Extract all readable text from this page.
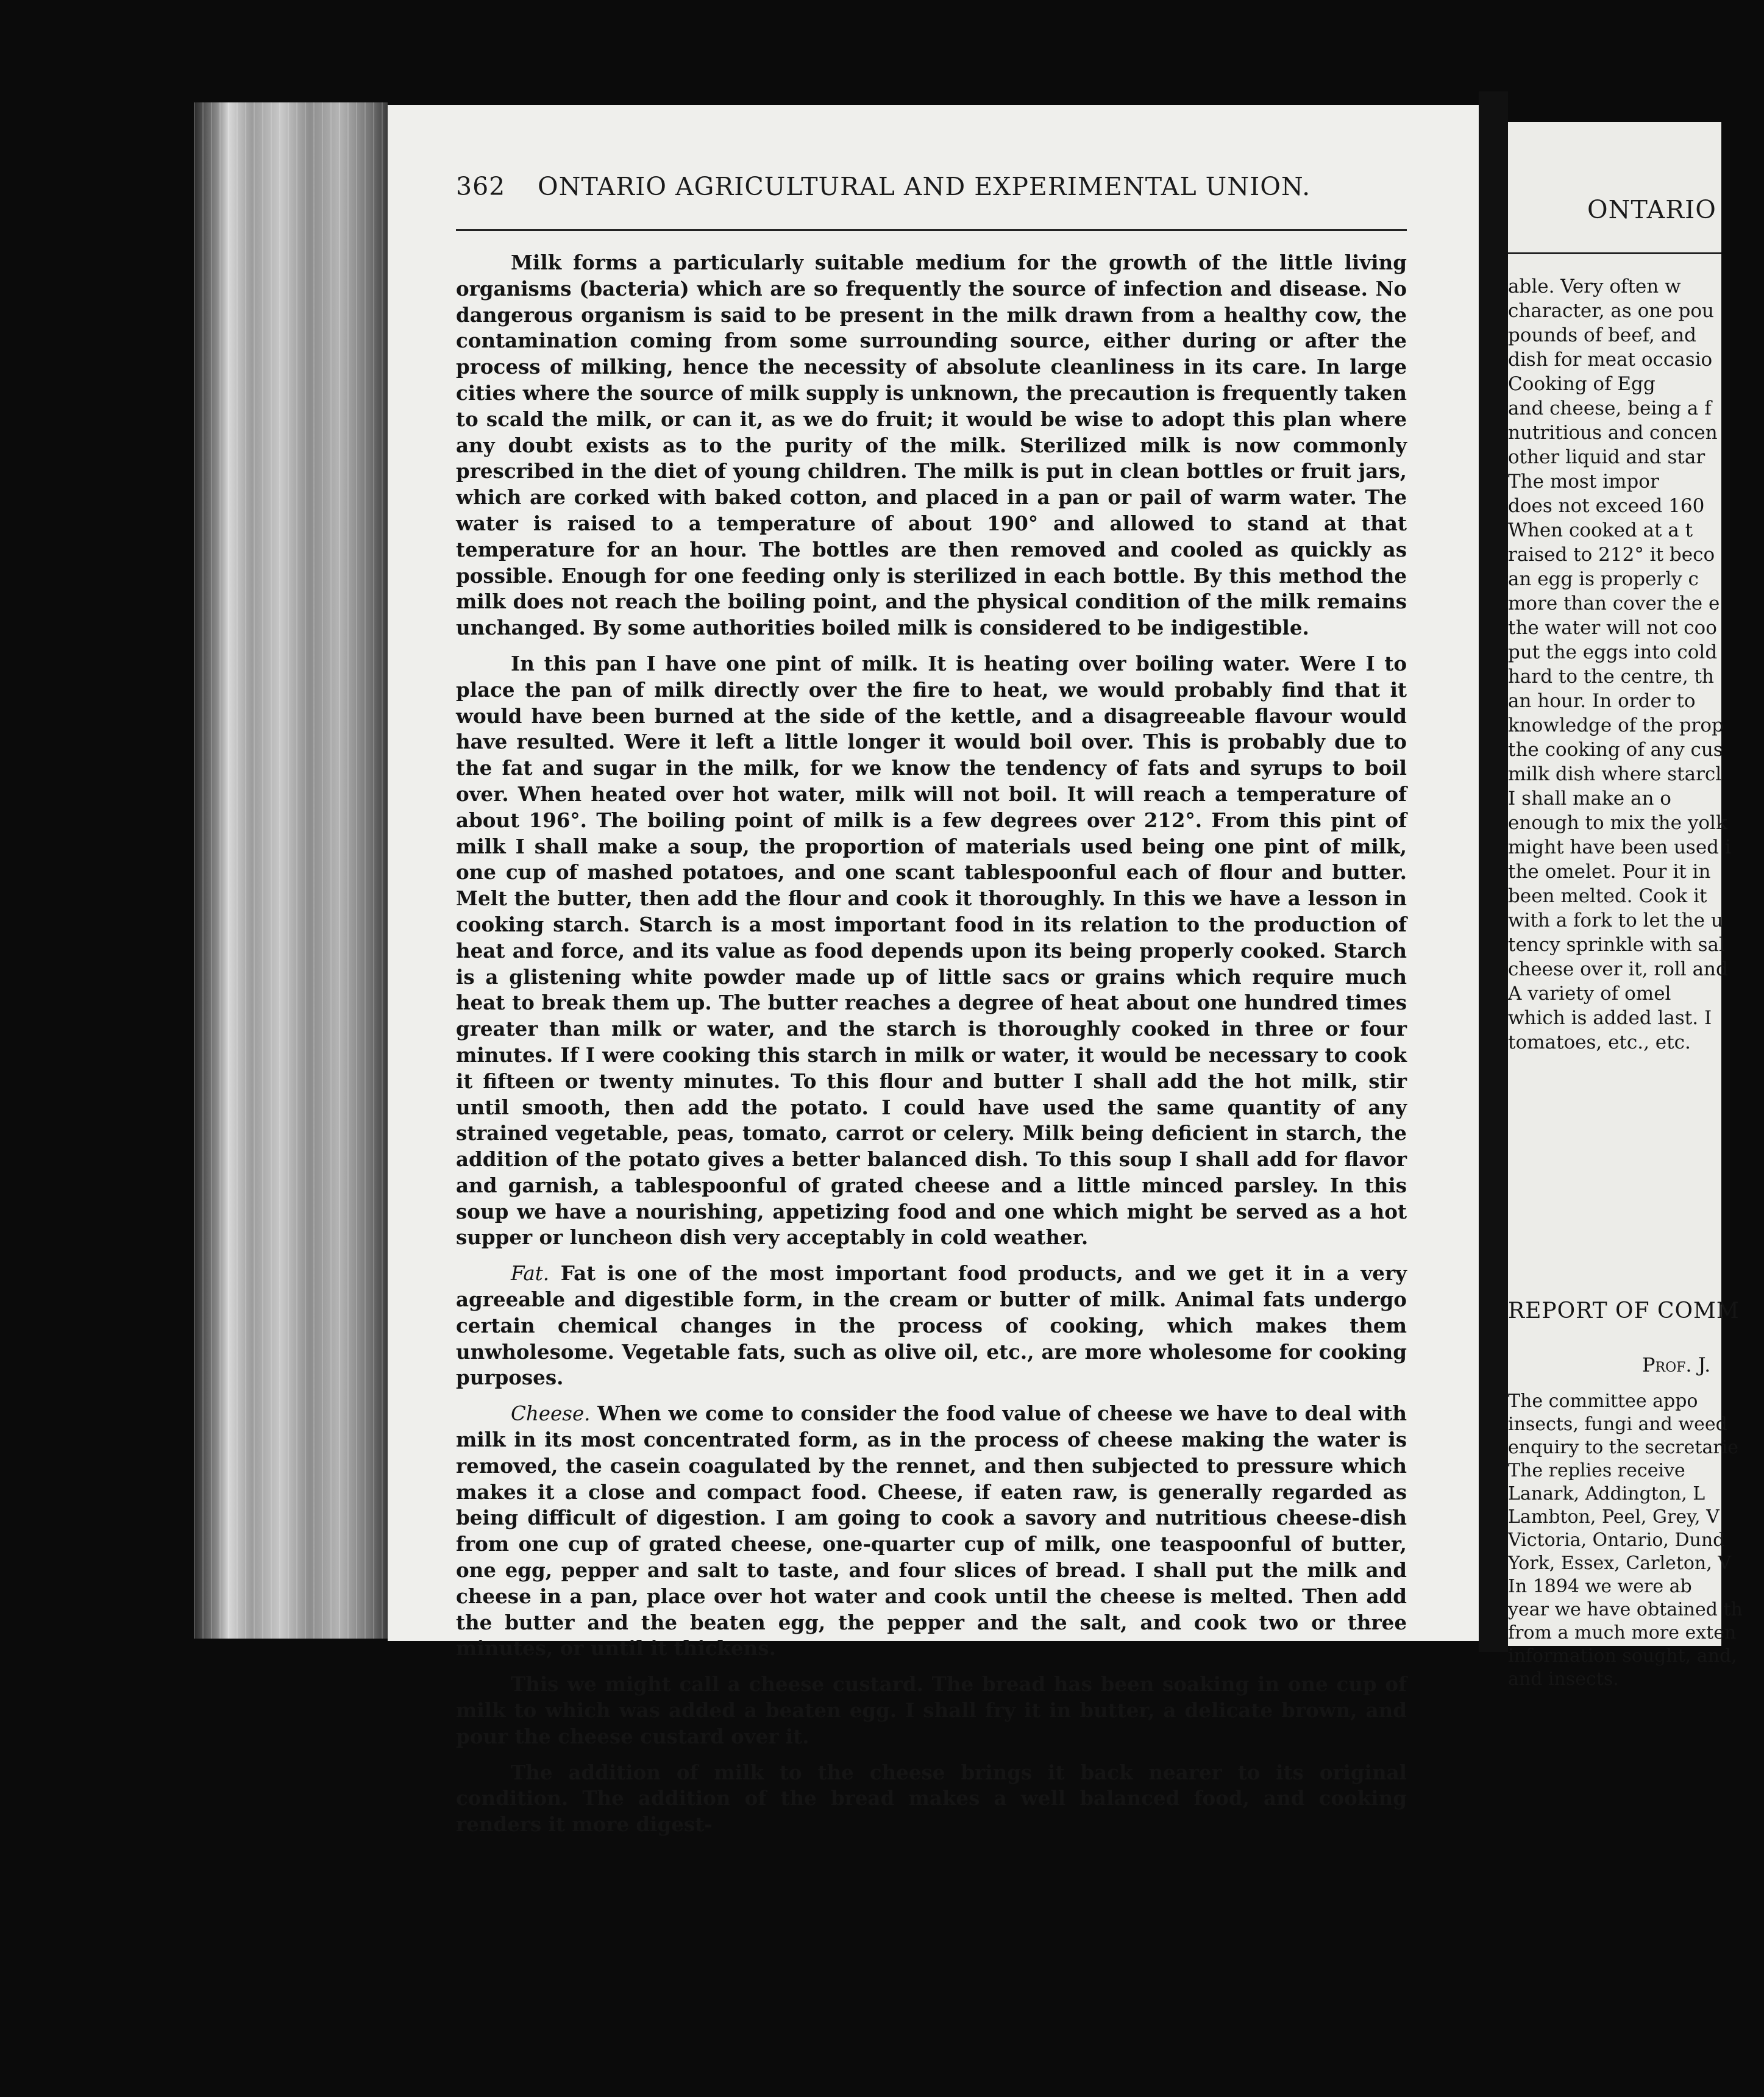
362 ONTARIO AGRICULTURAL AND EXPERIMENTAL UNION.

Milk forms a particularly suitable medium for the growth of the little living organisms (bacteria) which are so frequently the source of infection and disease. No dangerous organism is said to be present in the milk drawn from a healthy cow, the contamination coming from some surrounding source, either during or after the process of milking, hence the necessity of absolute cleanliness in its care. In large cities where the source of milk supply is unknown, the precaution is frequently taken to scald the milk, or can it, as we do fruit; it would be wise to adopt this plan where any doubt exists as to the purity of the milk. Sterilized milk is now commonly prescribed in the diet of young children. The milk is put in clean bottles or fruit jars, which are corked with baked cotton, and placed in a pan or pail of warm water. The water is raised to a temperature of about 190° and allowed to stand at that temperature for an hour. The bottles are then removed and cooled as quickly as possible. Enough for one feeding only is sterilized in each bottle. By this method the milk does not reach the boiling point, and the physical condition of the milk remains unchanged. By some authorities boiled milk is considered to be indigestible.

In this pan I have one pint of milk. It is heating over boiling water. Were I to place the pan of milk directly over the fire to heat, we would probably find that it would have been burned at the side of the kettle, and a disagreeable flavour would have resulted. Were it left a little longer it would boil over. This is probably due to the fat and sugar in the milk, for we know the tendency of fats and syrups to boil over. When heated over hot water, milk will not boil. It will reach a temperature of about 196°. The boiling point of milk is a few degrees over 212°. From this pint of milk I shall make a soup, the proportion of materials used being one pint of milk, one cup of mashed potatoes, and one scant tablespoonful each of flour and butter. Melt the butter, then add the flour and cook it thoroughly. In this we have a lesson in cooking starch. Starch is a most important food in its relation to the production of heat and force, and its value as food depends upon its being properly cooked. Starch is a glistening white powder made up of little sacs or grains which require much heat to break them up. The butter reaches a degree of heat about one hundred times greater than milk or water, and the starch is thoroughly cooked in three or four minutes. If I were cooking this starch in milk or water, it would be necessary to cook it fifteen or twenty minutes. To this flour and butter I shall add the hot milk, stir until smooth, then add the potato. I could have used the same quantity of any strained vegetable, peas, tomato, carrot or celery. Milk being deficient in starch, the addition of the potato gives a better balanced dish. To this soup I shall add for flavor and garnish, a tablespoonful of grated cheese and a little minced parsley. In this soup we have a nourishing, appetizing food and one which might be served as a hot supper or luncheon dish very acceptably in cold weather.

Fat. Fat is one of the most important food products, and we get it in a very agreeable and digestible form, in the cream or butter of milk. Animal fats undergo certain chemical changes in the process of cooking, which makes them unwholesome. Vegetable fats, such as olive oil, etc., are more wholesome for cooking purposes.

Cheese. When we come to consider the food value of cheese we have to deal with milk in its most concentrated form, as in the process of cheese making the water is removed, the casein coagulated by the rennet, and then subjected to pressure which makes it a close and compact food. Cheese, if eaten raw, is generally regarded as being difficult of digestion. I am going to cook a savory and nutritious cheese-dish from one cup of grated cheese, one-quarter cup of milk, one teaspoonful of butter, one egg, pepper and salt to taste, and four slices of bread. I shall put the milk and cheese in a pan, place over hot water and cook until the cheese is melted. Then add the butter and the beaten egg, the pepper and the salt, and cook two or three minutes, or until it thickens.

This we might call a cheese custard. The bread has been soaking in one cup of milk to which was added a beaten egg. I shall fry it in butter, a delicate brown, and pour the cheese custard over it.

The addition of milk to the cheese brings it back nearer to its original condition. The addition of the bread makes a well balanced food, and cooking renders it more digest-

ONTARIO
able. Very often w
character, as one pou
pounds of beef, and
dish for meat occasio
Cooking of Egg
and cheese, being a f
nutritious and concen
other liquid and star
The most impor
does not exceed 160
When cooked at a t
raised to 212° it beco
an egg is properly c
more than cover the e
the water will not coo
put the eggs into cold
hard to the centre, th
an hour. In order to
knowledge of the prop
the cooking of any cus
milk dish where starcl
I shall make an o
enough to mix the yolk
might have been used i
the omelet. Pour it in
been melted. Cook it
with a fork to let the u
tency sprinkle with sal
cheese over it, roll and
A variety of omel
which is added last. I
tomatoes, etc., etc.
REPORT OF COMM
Prof. J.
The committee appo
insects, fungi and weed
enquiry to the secretarie
The replies receive
Lanark, Addington, L
Lambton, Peel, Grey, V
Victoria, Ontario, Dund
York, Essex, Carleton, V
In 1894 we were ab
year we have obtained th
from a much more exten
information sought, and,
and insects.
